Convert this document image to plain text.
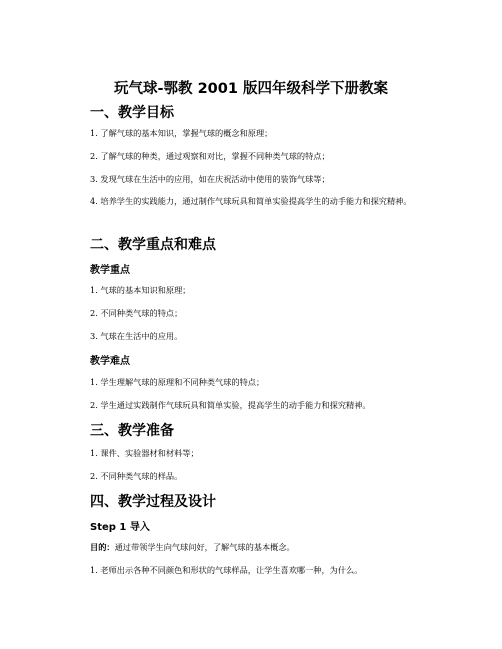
玩气球-鄂教 2001 版四年级科学下册教案
一、教学目标
1. 了解气球的基本知识，掌握气球的概念和原理；
2. 了解气球的种类，通过观察和对比，掌握不同种类气球的特点；
3. 发现气球在生活中的应用，如在庆祝活动中使用的装饰气球等；
4. 培养学生的实践能力，通过制作气球玩具和简单实验提高学生的动手能力和探究精神。
二、教学重点和难点
教学重点
1. 气球的基本知识和原理；
2. 不同种类气球的特点；
3. 气球在生活中的应用。
教学难点
1. 学生理解气球的原理和不同种类气球的特点；
2. 学生通过实践制作气球玩具和简单实验，提高学生的动手能力和探究精神。
三、教学准备
1. 课件、实验器材和材料等；
2. 不同种类气球的样品。
四、教学过程及设计
Step 1 导入
目的：通过带领学生向气球问好，了解气球的基本概念。
1. 老师出示各种不同颜色和形状的气球样品，让学生喜欢哪一种，为什么。
